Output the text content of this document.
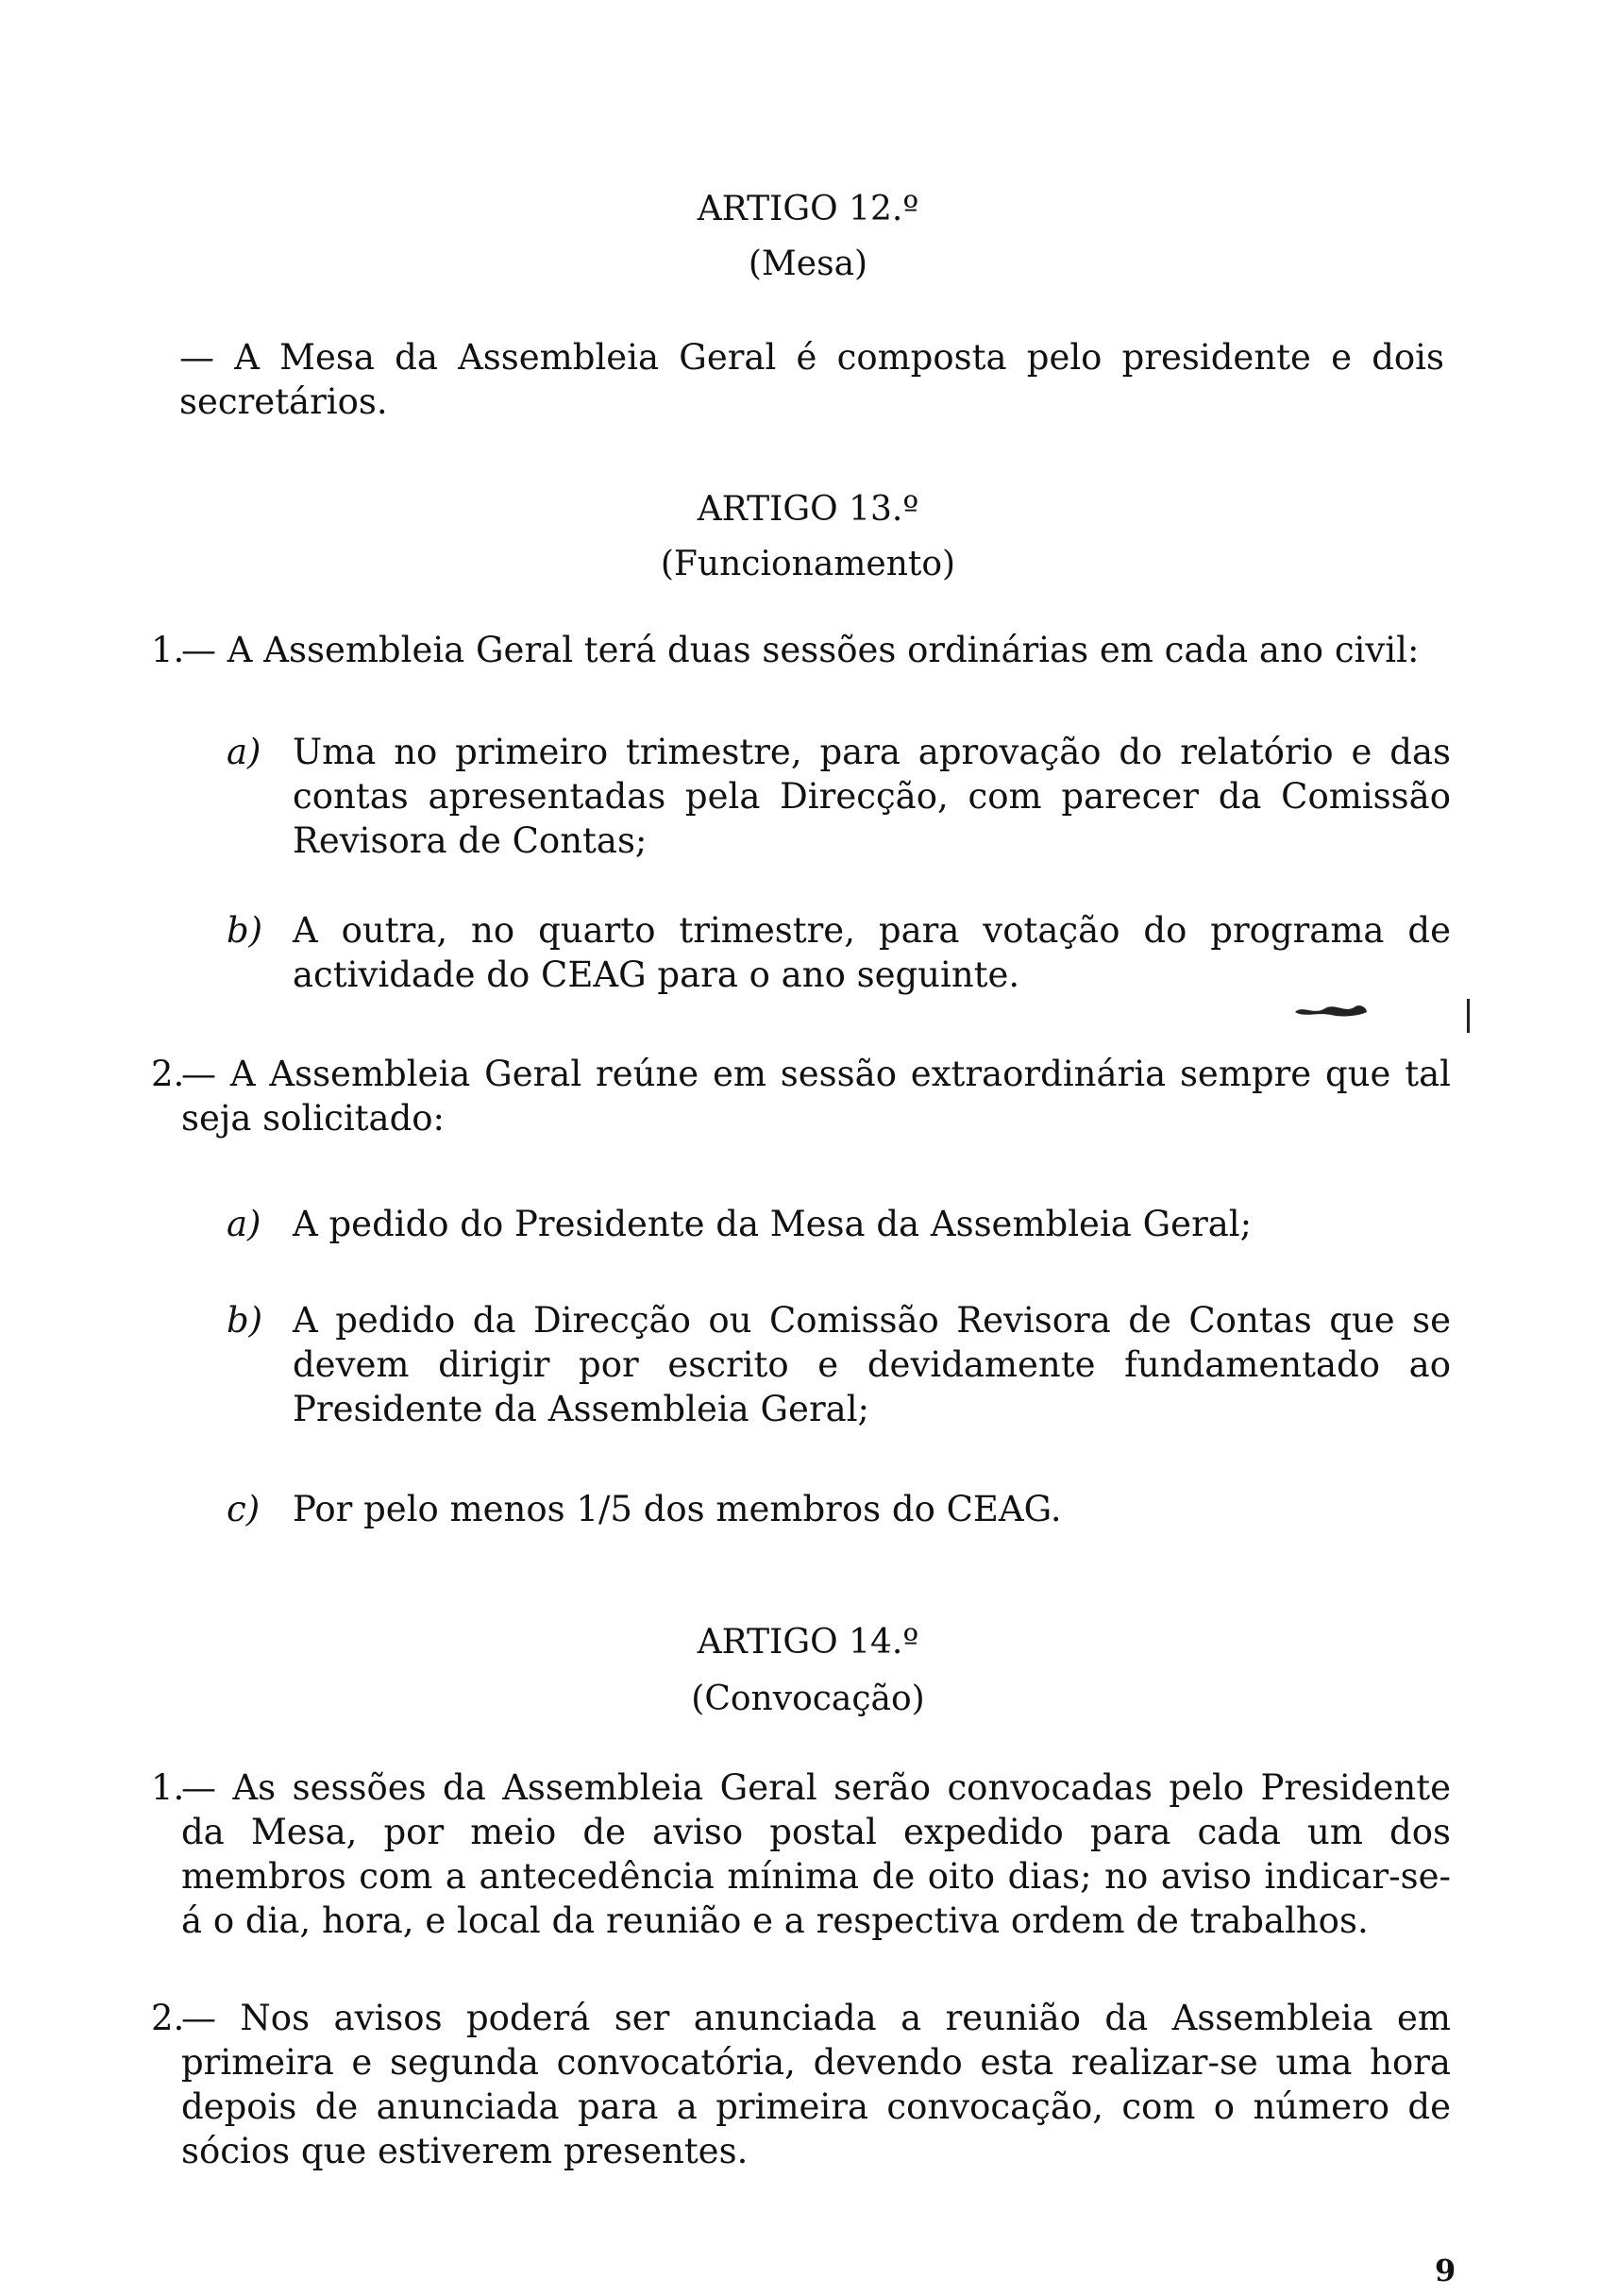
ARTIGO 12.º
(Mesa)
— A Mesa da Assembleia Geral é composta pelo presidente e dois secretários.
ARTIGO 13.º
(Funcionamento)
1.
— A Assembleia Geral terá duas sessões ordinárias em cada ano civil:
a) Uma no primeiro trimestre, para aprovação do relatório e das contas apresentadas pela Direcção, com parecer da Comissão Revisora de Contas;
b) A outra, no quarto trimestre, para votação do programa de actividade do CEAG para o ano seguinte.
2.
— A Assembleia Geral reúne em sessão extraordinária sempre que tal seja solicitado:
a) A pedido do Presidente da Mesa da Assembleia Geral;
b) A pedido da Direcção ou Comissão Revisora de Contas que se devem dirigir por escrito e devidamente fundamentado ao Presidente da Assembleia Geral;
c) Por pelo menos 1/5 dos membros do CEAG.
ARTIGO 14.º
(Convocação)
1.
— As sessões da Assembleia Geral serão convocadas pelo Presidente da Mesa, por meio de aviso postal expedido para cada um dos membros com a antecedência mínima de oito dias; no aviso indicar-se-á o dia, hora, e local da reunião e a respectiva ordem de trabalhos.
2.
— Nos avisos poderá ser anunciada a reunião da Assembleia em primeira e segunda convocatória, devendo esta realizar-se uma hora depois de anunciada para a primeira convocação, com o número de sócios que estiverem presentes.
9
